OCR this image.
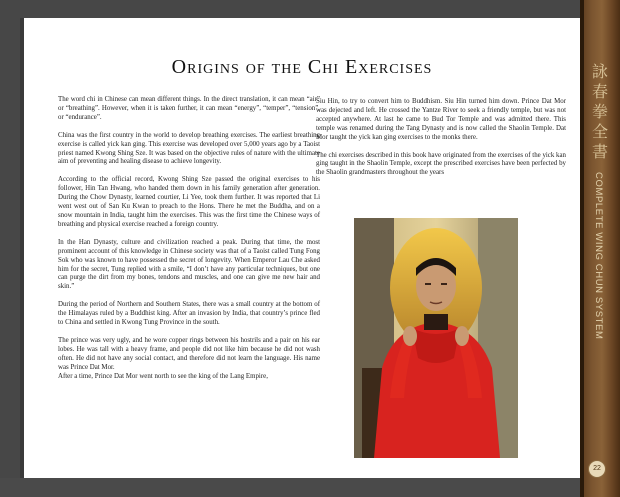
Origins of the Chi Exercises

The word chi in Chinese can mean different things. In the direct translation, it can mean “air” or “breathing”. However, when it is taken further, it can mean “energy”, “temper”, “tension”, or “endurance”.

China was the first country in the world to develop breathing exercises. The earliest breathing exercise is called yick kan ging. This exercise was developed over 5,000 years ago by a Taoist priest named Kwong Shing Sze. It was based on the objective rules of nature with the ultimate aim of preventing and healing disease to achieve longevity.

According to the official record, Kwong Shing Sze passed the original exercises to his follower, Hin Tan Hwang, who handed them down in his family generation after generation. During the Chow Dynasty, learned courtier, Li Yee, took them further. It was reported that Li went west out of San Ku Kwan to preach to the Hons. There he met the Buddha, and on a snow mountain in India, taught him the exercises. This was the first time the Chinese ways of breathing and physical exercise reached a foreign country.

In the Han Dynasty, culture and civilization reached a peak. During that time, the most prominent account of this knowledge in Chinese society was that of a Taoist called Tung Fong Sok who was known to have possessed the secret of longevity. When Emperor Lau Che asked him for the secret, Tung replied with a smile, “I don’t have any particular techniques, but one can purge the dirt from my bones, tendons and muscles, and one can give me new hair and skin.”

During the period of Northern and Southern States, there was a small country at the bottom of the Himalayas ruled by a Buddhist king. After an invasion by India, that country’s prince fled to China and settled in Kwong Tung Province in the south.

The prince was very ugly, and he wore copper rings between his hostrils and a pair on his ear lobes. He was tall with a heavy frame, and people did not like him because he did not wash often. He did not have any social contact, and therefore did not learn the language. His name was Prince Dat Mor.
After a time, Prince Dat Mor went north to see the king of the Lang Empire,

Siu Hin, to try to convert him to Buddhism. Siu Hin turned him down. Prince Dat Mor was dejected and left. He crossed the Yantze River to seek a friendly temple, but was not accepted anywhere. At last he came to Bud Tor Temple and was admitted there. This temple was renamed during the Tang Dynasty and is now called the Shaolin Temple. Dat Mor taught the yick kan ging exercises to the monks there.

The chi exercises described in this book have originated from the exercises of the yick kan ging taught in the Shaolin Temple, except the prescribed exercises have been perfected by the Shaolin grandmasters throughout the years

詠
春
拳
全
書
COMPLETE WING CHUN SYSTEM
22
